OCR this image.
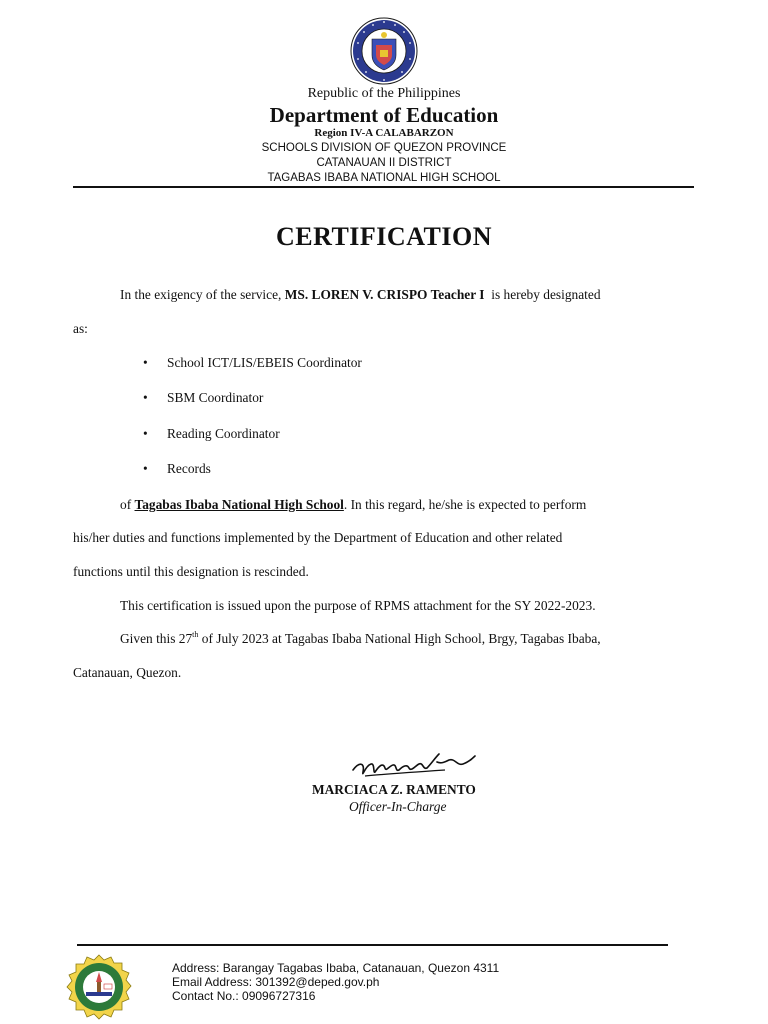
Republic of the Philippines
Department of Education
Region IV-A CALABARZON
SCHOOLS DIVISION OF QUEZON PROVINCE
CATANAUAN II DISTRICT
TAGABAS IBABA NATIONAL HIGH SCHOOL
CERTIFICATION
In the exigency of the service, MS. LOREN V. CRISPO Teacher I is hereby designated
as:
• School ICT/LIS/EBEIS Coordinator
• SBM Coordinator
• Reading Coordinator
• Records
of Tagabas Ibaba National High School. In this regard, he/she is expected to perform
his/her duties and functions implemented by the Department of Education and other related
functions until this designation is rescinded.
This certification is issued upon the purpose of RPMS attachment for the SY 2022-2023.
Given this 27th of July 2023 at Tagabas Ibaba National High School, Brgy, Tagabas Ibaba,
Catanauan, Quezon.
MARCIACA Z. RAMENTO
Officer-In-Charge
Address: Barangay Tagabas Ibaba, Catanauan, Quezon 4311
Email Address: 301392@deped.gov.ph
Contact No.: 09096727316
